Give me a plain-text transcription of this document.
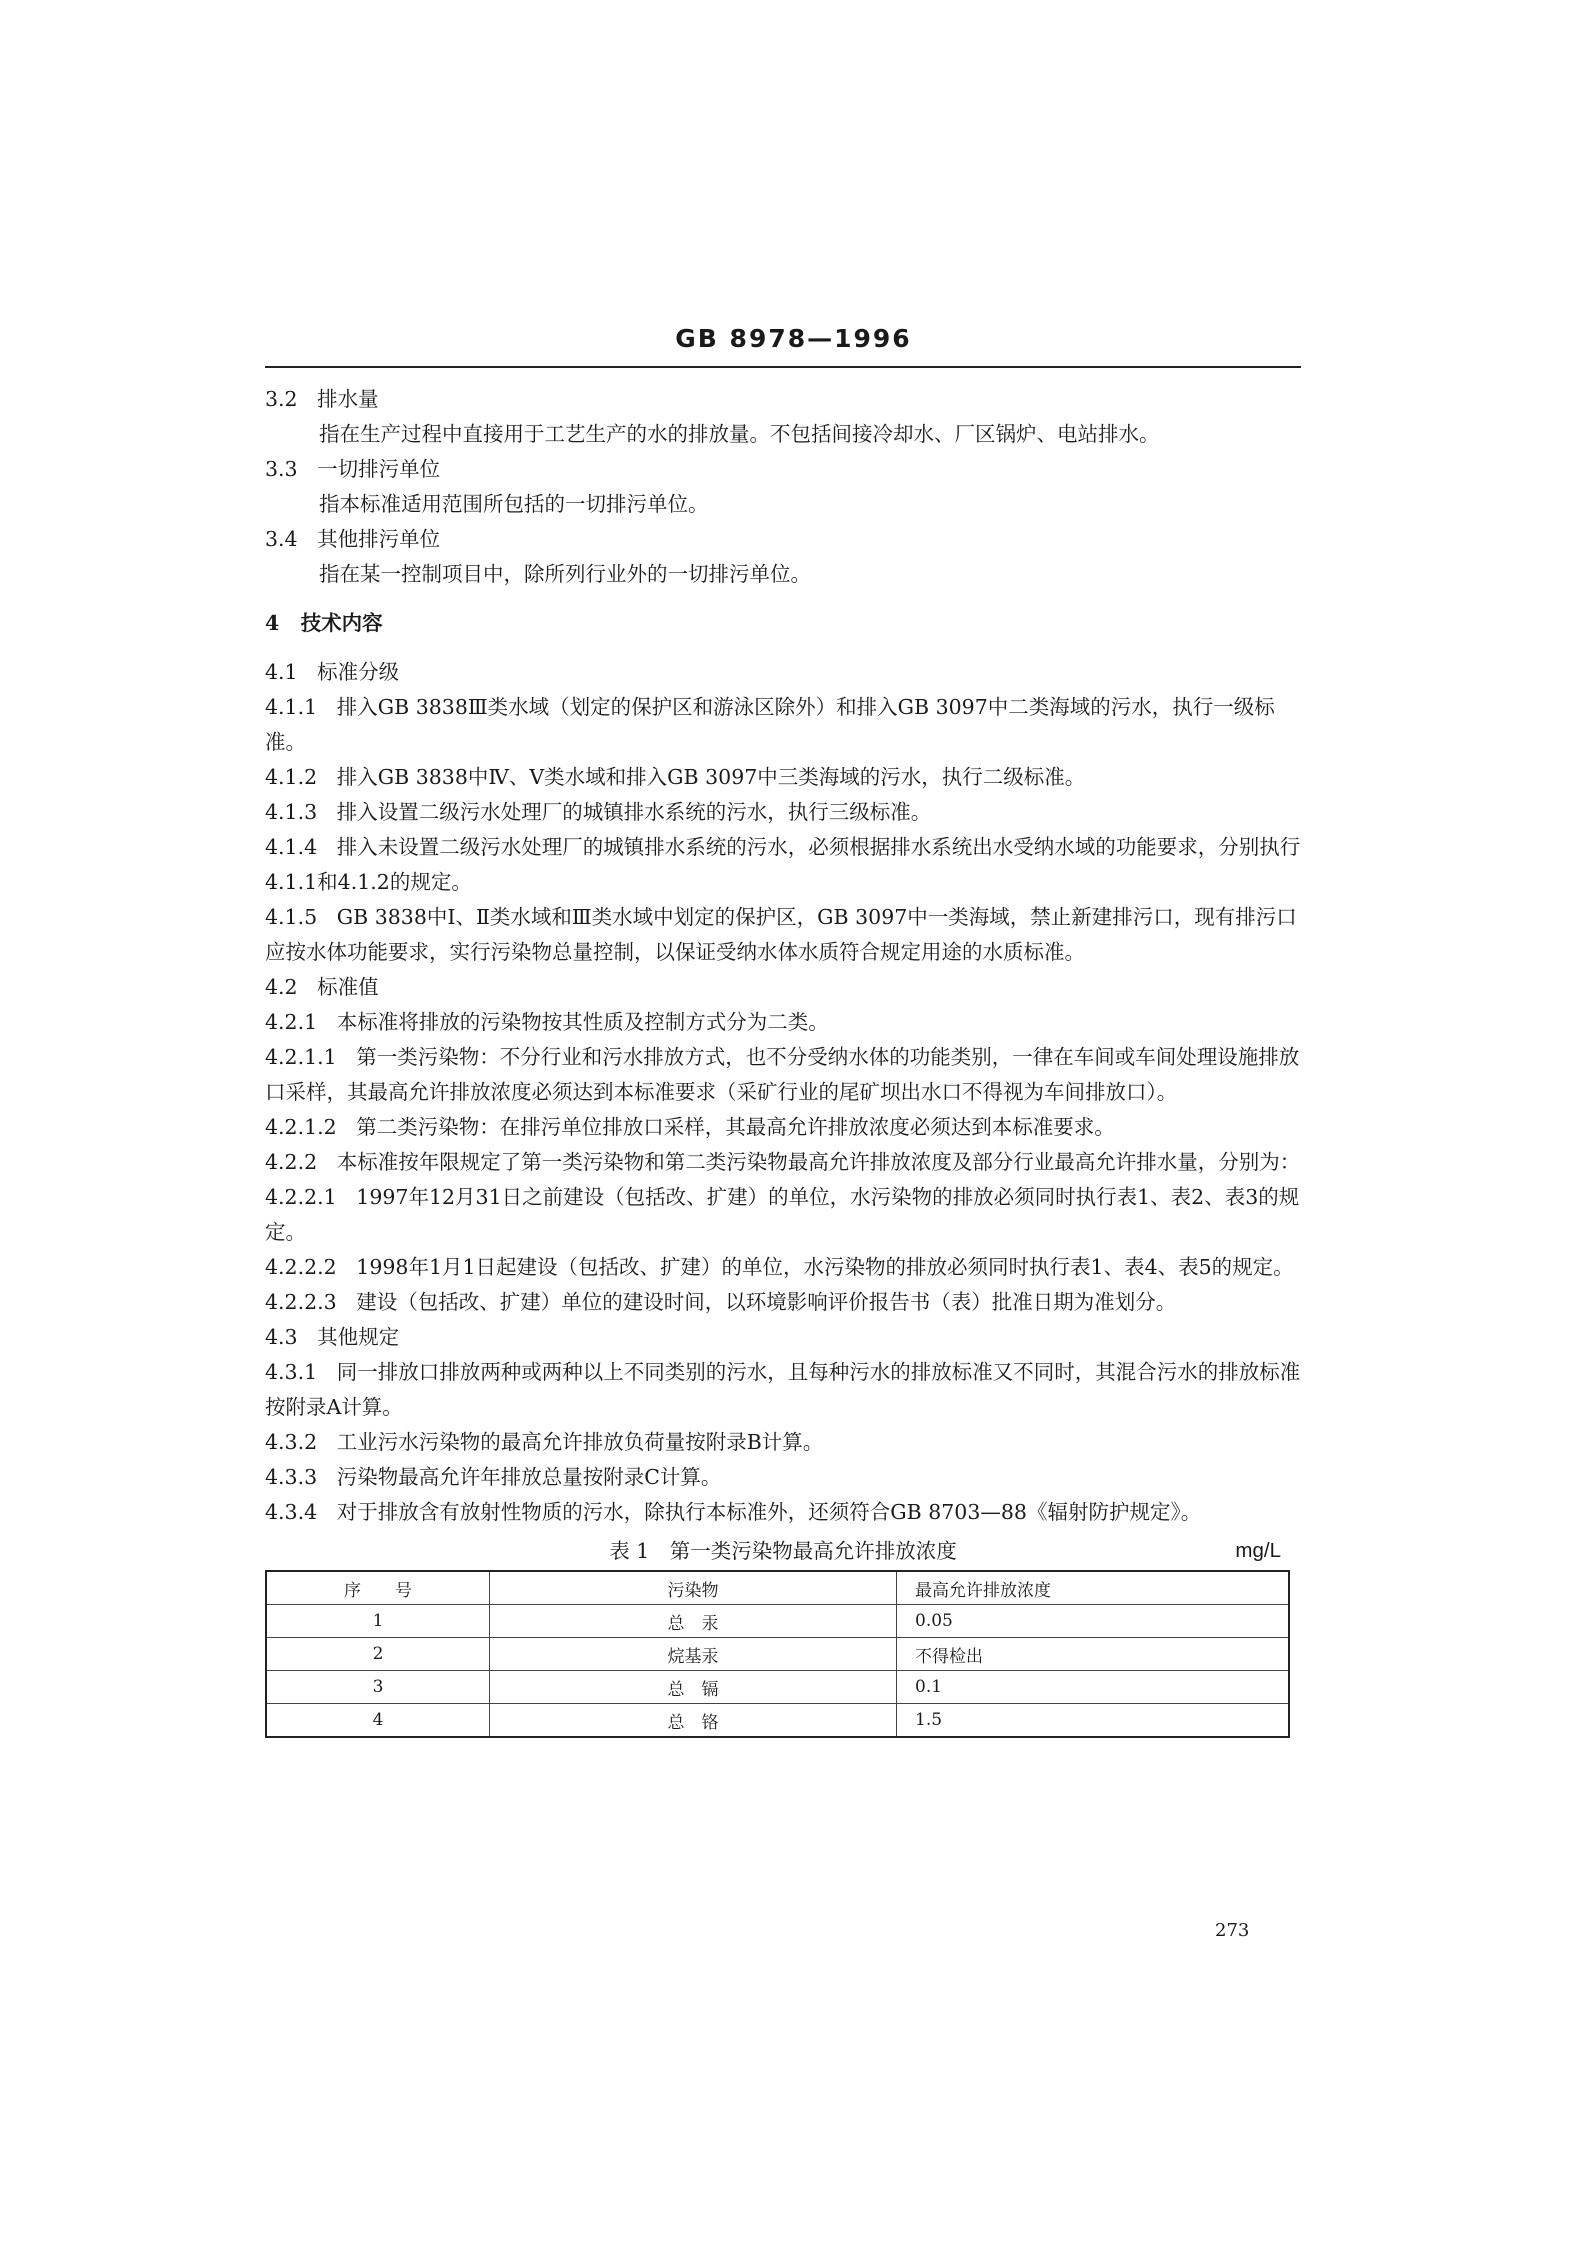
GB 8978—1996
3.2 排水量
指在生产过程中直接用于工艺生产的水的排放量。不包括间接冷却水、厂区锅炉、电站排水。
3.3 一切排污单位
指本标准适用范围所包括的一切排污单位。
3.4 其他排污单位
指在某一控制项目中，除所列行业外的一切排污单位。
4 技术内容
4.1 标准分级
4.1.1 排入GB 3838Ⅲ类水域（划定的保护区和游泳区除外）和排入GB 3097中二类海域的污水，执行一级标准。
4.1.2 排入GB 3838中Ⅳ、Ⅴ类水域和排入GB 3097中三类海域的污水，执行二级标准。
4.1.3 排入设置二级污水处理厂的城镇排水系统的污水，执行三级标准。
4.1.4 排入未设置二级污水处理厂的城镇排水系统的污水，必须根据排水系统出水受纳水域的功能要求，分别执行4.1.1和4.1.2的规定。
4.1.5 GB 3838中Ⅰ、Ⅱ类水域和Ⅲ类水域中划定的保护区，GB 3097中一类海域，禁止新建排污口，现有排污口应按水体功能要求，实行污染物总量控制，以保证受纳水体水质符合规定用途的水质标准。
4.2 标准值
4.2.1 本标准将排放的污染物按其性质及控制方式分为二类。
4.2.1.1 第一类污染物：不分行业和污水排放方式，也不分受纳水体的功能类别，一律在车间或车间处理设施排放口采样，其最高允许排放浓度必须达到本标准要求（采矿行业的尾矿坝出水口不得视为车间排放口）。
4.2.1.2 第二类污染物：在排污单位排放口采样，其最高允许排放浓度必须达到本标准要求。
4.2.2 本标准按年限规定了第一类污染物和第二类污染物最高允许排放浓度及部分行业最高允许排水量，分别为：
4.2.2.1 1997年12月31日之前建设（包括改、扩建）的单位，水污染物的排放必须同时执行表1、表2、表3的规定。
4.2.2.2 1998年1月1日起建设（包括改、扩建）的单位，水污染物的排放必须同时执行表1、表4、表5的规定。
4.2.2.3 建设（包括改、扩建）单位的建设时间，以环境影响评价报告书（表）批准日期为准划分。
4.3 其他规定
4.3.1 同一排放口排放两种或两种以上不同类别的污水，且每种污水的排放标准又不同时，其混合污水的排放标准按附录A计算。
4.3.2 工业污水污染物的最高允许排放负荷量按附录B计算。
4.3.3 污染物最高允许年排放总量按附录C计算。
4.3.4 对于排放含有放射性物质的污水，除执行本标准外，还须符合GB 8703—88《辐射防护规定》。
表 1　第一类污染物最高允许排放浓度	mg/L
序　　号	污染物	最高允许排放浓度
1	总　汞	0.05
2	烷基汞	不得检出
3	总　镉	0.1
4	总　铬	1.5
273
